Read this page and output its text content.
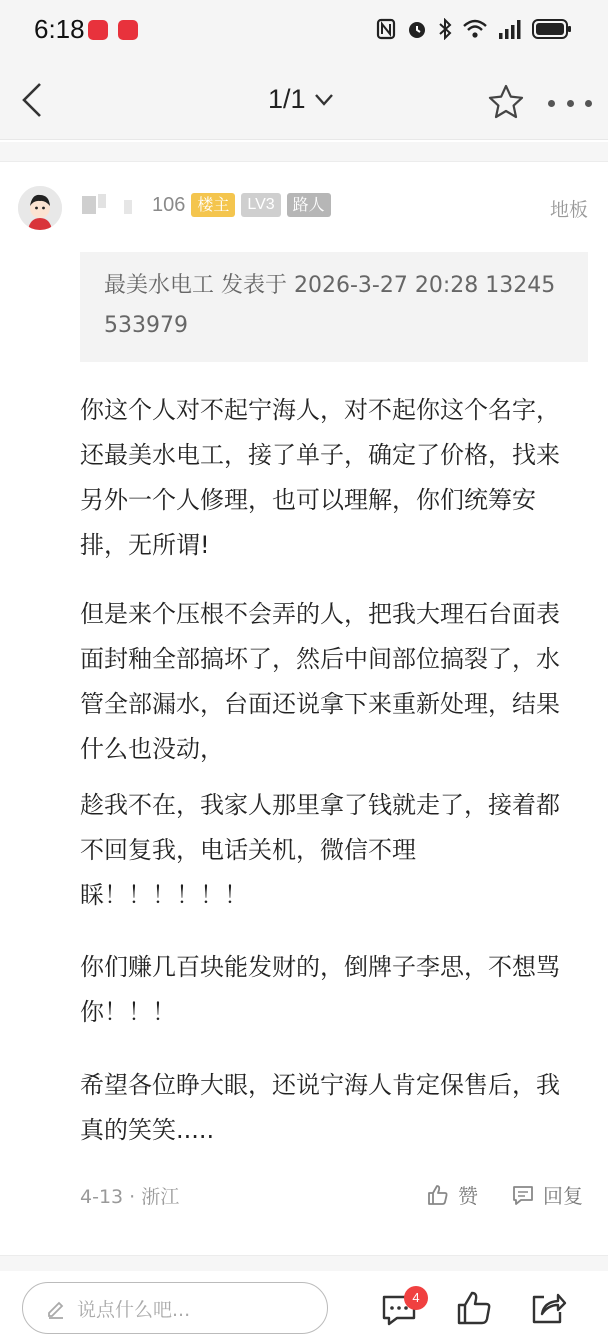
6:18
1/1
106 楼主	LV3	路人	地板
最美水电工 发表于 2026-3-27 20:28 13245533979
你这个人对不起宁海人，对不起你这个名字，还最美水电工，接了单子，确定了价格，找来另外一个人修理，也可以理解，你们统筹安排，无所谓!
但是来个压根不会弄的人，把我大理石台面表面封釉全部搞坏了，然后中间部位搞裂了，水管全部漏水，台面还说拿下来重新处理，结果什么也没动，
趁我不在，我家人那里拿了钱就走了，接着都不回复我，电话关机，微信不理睬！！！！！！
你们赚几百块能发财的，倒牌子李思，不想骂你！！！
希望各位睁大眼，还说宁海人肯定保售后，我真的笑笑.....
4-13 · 浙江	赞	回复
说点什么吧...
4
